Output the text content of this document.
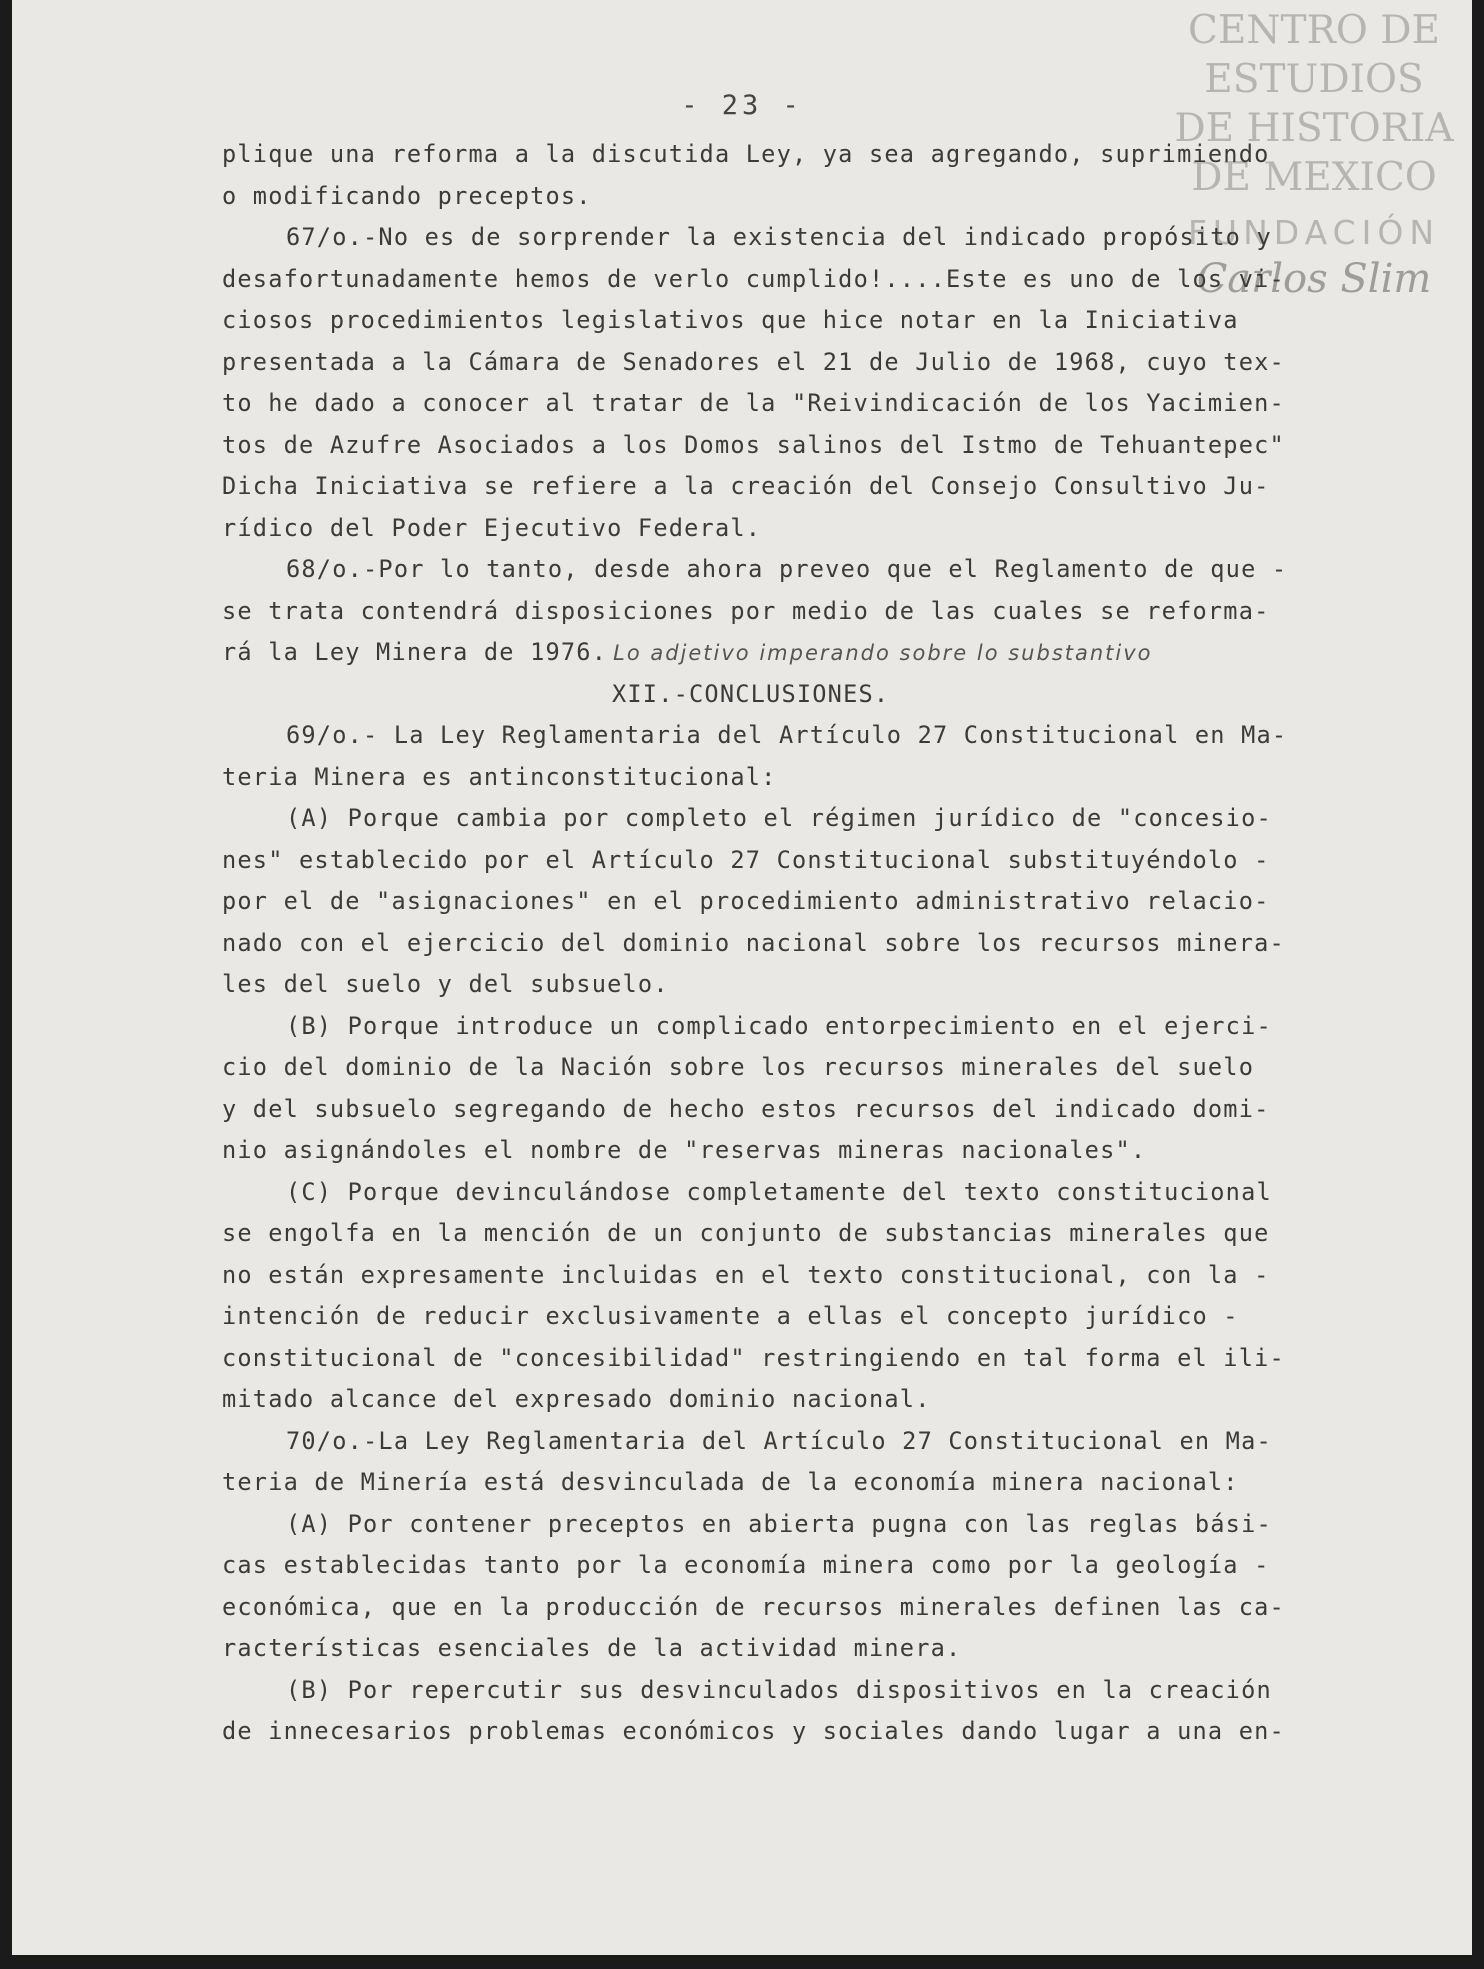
CENTRO DE
ESTUDIOS
DE HISTORIA
DE MEXICO
FUNDACIÓN
Carlos Slim
- 23 -
plique una reforma a la discutida Ley, ya sea agregando, suprimiendo
o modificando preceptos.
67/o.-No es de sorprender la existencia del indicado propósito y
desafortunadamente hemos de verlo cumplido!....Este es uno de los vi-
ciosos procedimientos legislativos que hice notar en la Iniciativa
presentada a la Cámara de Senadores el 21 de Julio de 1968, cuyo tex-
to he dado a conocer al tratar de la "Reivindicación de los Yacimien-
tos de Azufre Asociados a los Domos salinos del Istmo de Tehuantepec"
Dicha Iniciativa se refiere a la creación del Consejo Consultivo Ju-
rídico del Poder Ejecutivo Federal.
68/o.-Por lo tanto, desde ahora preveo que el Reglamento de que -
se trata contendrá disposiciones por medio de las cuales se reforma-
rá la Ley Minera de 1976. Lo adjetivo imperando sobre lo substantivo
XII.-CONCLUSIONES.
69/o.- La Ley Reglamentaria del Artículo 27 Constitucional en Ma-
teria Minera es antinconstitucional:
(A) Porque cambia por completo el régimen jurídico de "concesio-
nes" establecido por el Artículo 27 Constitucional substituyéndolo -
por el de "asignaciones" en el procedimiento administrativo relacio-
nado con el ejercicio del dominio nacional sobre los recursos minera-
les del suelo y del subsuelo.
(B) Porque introduce un complicado entorpecimiento en el ejerci-
cio del dominio de la Nación sobre los recursos minerales del suelo
y del subsuelo segregando de hecho estos recursos del indicado domi-
nio asignándoles el nombre de "reservas mineras nacionales".
(C) Porque devinculándose completamente del texto constitucional
se engolfa en la mención de un conjunto de substancias minerales que
no están expresamente incluidas en el texto constitucional, con la -
intención de reducir exclusivamente a ellas el concepto jurídico -
constitucional de "concesibilidad" restringiendo en tal forma el ili-
mitado alcance del expresado dominio nacional.
70/o.-La Ley Reglamentaria del Artículo 27 Constitucional en Ma-
teria de Minería está desvinculada de la economía minera nacional:
(A) Por contener preceptos en abierta pugna con las reglas bási-
cas establecidas tanto por la economía minera como por la geología -
económica, que en la producción de recursos minerales definen las ca-
racterísticas esenciales de la actividad minera.
(B) Por repercutir sus desvinculados dispositivos en la creación
de innecesarios problemas económicos y sociales dando lugar a una en-
